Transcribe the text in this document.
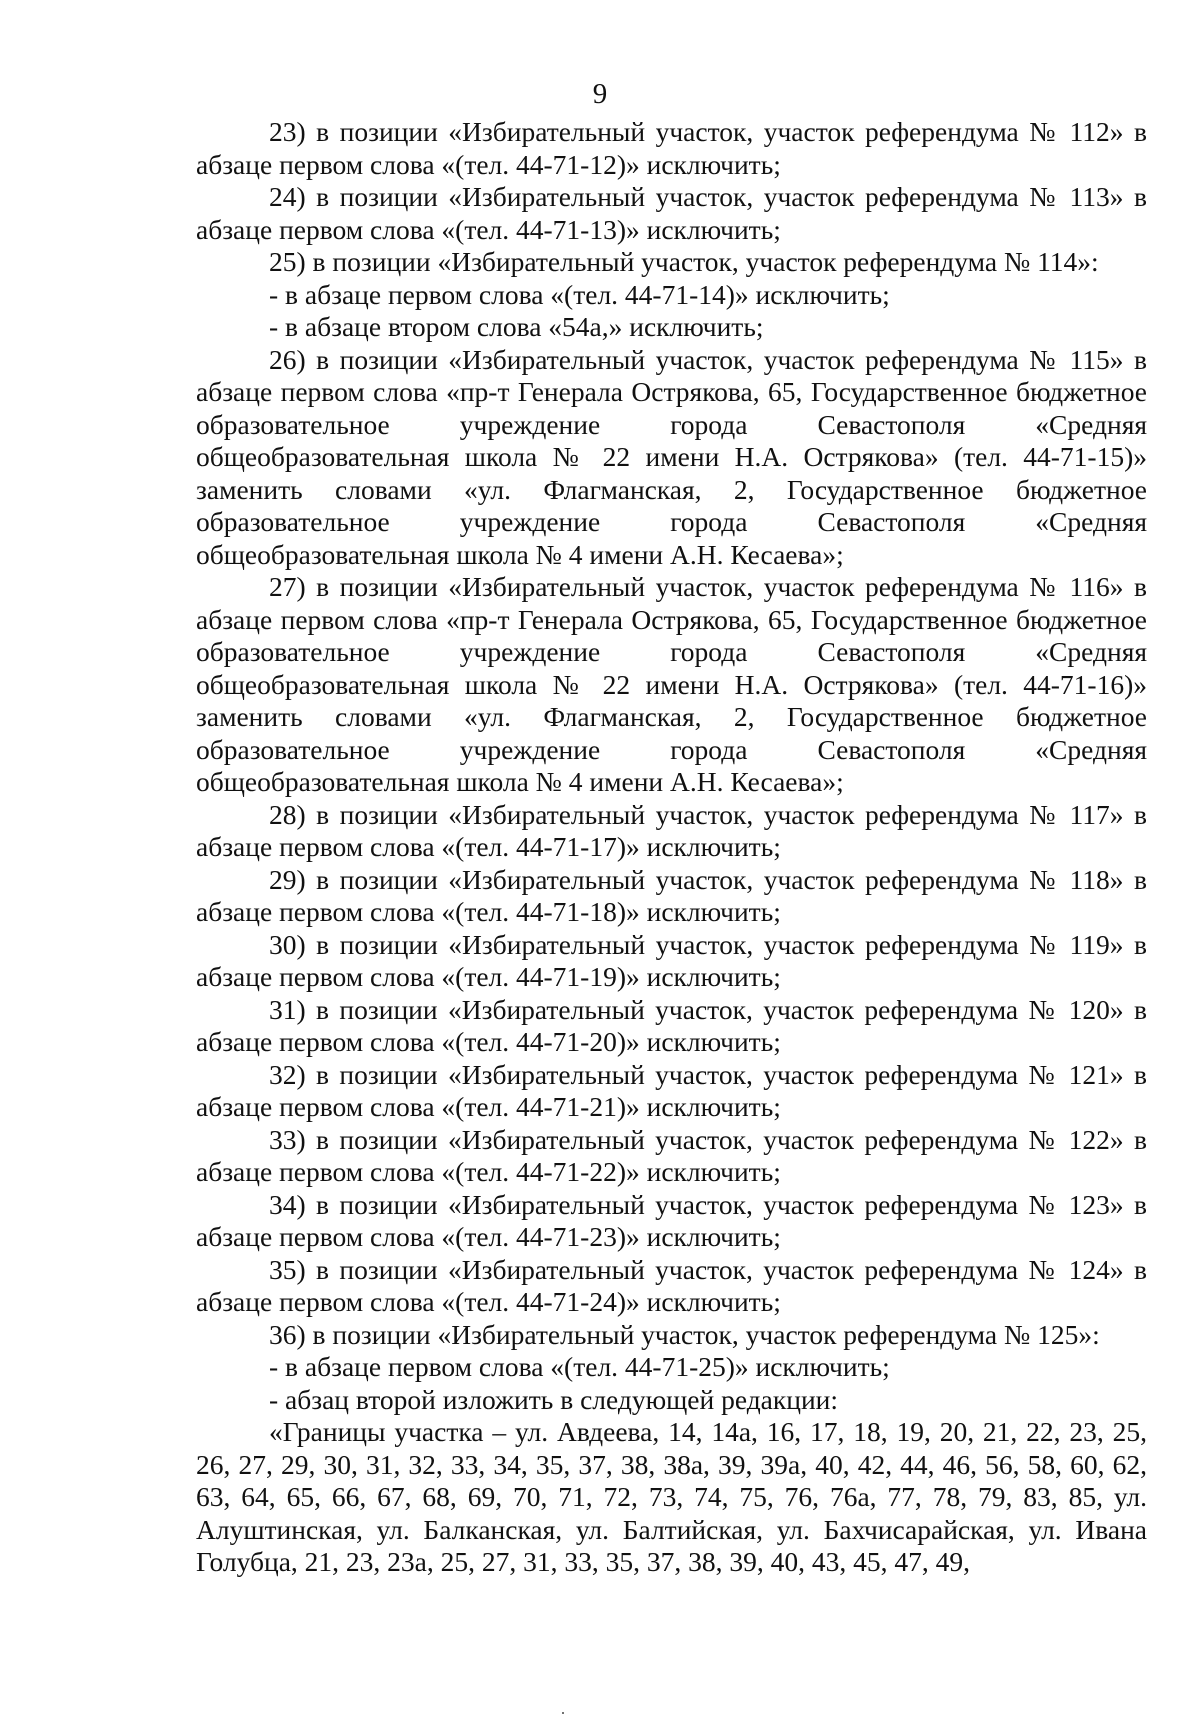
9

23) в позиции «Избирательный участок, участок референдума № 112» в абзаце первом слова «(тел. 44-71-12)» исключить;

24) в позиции «Избирательный участок, участок референдума № 113» в абзаце первом слова «(тел. 44-71-13)» исключить;

25) в позиции «Избирательный участок, участок референдума № 114»:

- в абзаце первом слова «(тел. 44-71-14)» исключить;

- в абзаце втором слова «54а,» исключить;

26) в позиции «Избирательный участок, участок референдума № 115» в абзаце первом слова «пр-т Генерала Острякова, 65, Государственное бюджетное образовательное учреждение города Севастополя «Средняя общеобразовательная школа № 22 имени Н.А. Острякова» (тел. 44-71-15)» заменить словами «ул. Флагманская, 2, Государственное бюджетное образовательное учреждение города Севастополя «Средняя общеобразовательная школа № 4 имени А.Н. Кесаева»;

27) в позиции «Избирательный участок, участок референдума № 116» в абзаце первом слова «пр-т Генерала Острякова, 65, Государственное бюджетное образовательное учреждение города Севастополя «Средняя общеобразовательная школа № 22 имени Н.А. Острякова» (тел. 44-71-16)» заменить словами «ул. Флагманская, 2, Государственное бюджетное образовательное учреждение города Севастополя «Средняя общеобразовательная школа № 4 имени А.Н. Кесаева»;

28) в позиции «Избирательный участок, участок референдума № 117» в абзаце первом слова «(тел. 44-71-17)» исключить;

29) в позиции «Избирательный участок, участок референдума № 118» в абзаце первом слова «(тел. 44-71-18)» исключить;

30) в позиции «Избирательный участок, участок референдума № 119» в абзаце первом слова «(тел. 44-71-19)» исключить;

31) в позиции «Избирательный участок, участок референдума № 120» в абзаце первом слова «(тел. 44-71-20)» исключить;

32) в позиции «Избирательный участок, участок референдума № 121» в абзаце первом слова «(тел. 44-71-21)» исключить;

33) в позиции «Избирательный участок, участок референдума № 122» в абзаце первом слова «(тел. 44-71-22)» исключить;

34) в позиции «Избирательный участок, участок референдума № 123» в абзаце первом слова «(тел. 44-71-23)» исключить;

35) в позиции «Избирательный участок, участок референдума № 124» в абзаце первом слова «(тел. 44-71-24)» исключить;

36) в позиции «Избирательный участок, участок референдума № 125»:

- в абзаце первом слова «(тел. 44-71-25)» исключить;

- абзац второй изложить в следующей редакции:

«Границы участка – ул. Авдеева, 14, 14а, 16, 17, 18, 19, 20, 21, 22, 23, 25, 26, 27, 29, 30, 31, 32, 33, 34, 35, 37, 38, 38а, 39, 39а, 40, 42, 44, 46, 56, 58, 60, 62, 63, 64, 65, 66, 67, 68, 69, 70, 71, 72, 73, 74, 75, 76, 76а, 77, 78, 79, 83, 85, ул. Алуштинская, ул. Балканская, ул. Балтийская, ул. Бахчисарайская, ул. Ивана Голубца, 21, 23, 23а, 25, 27, 31, 33, 35, 37, 38, 39, 40, 43, 45, 47, 49,
